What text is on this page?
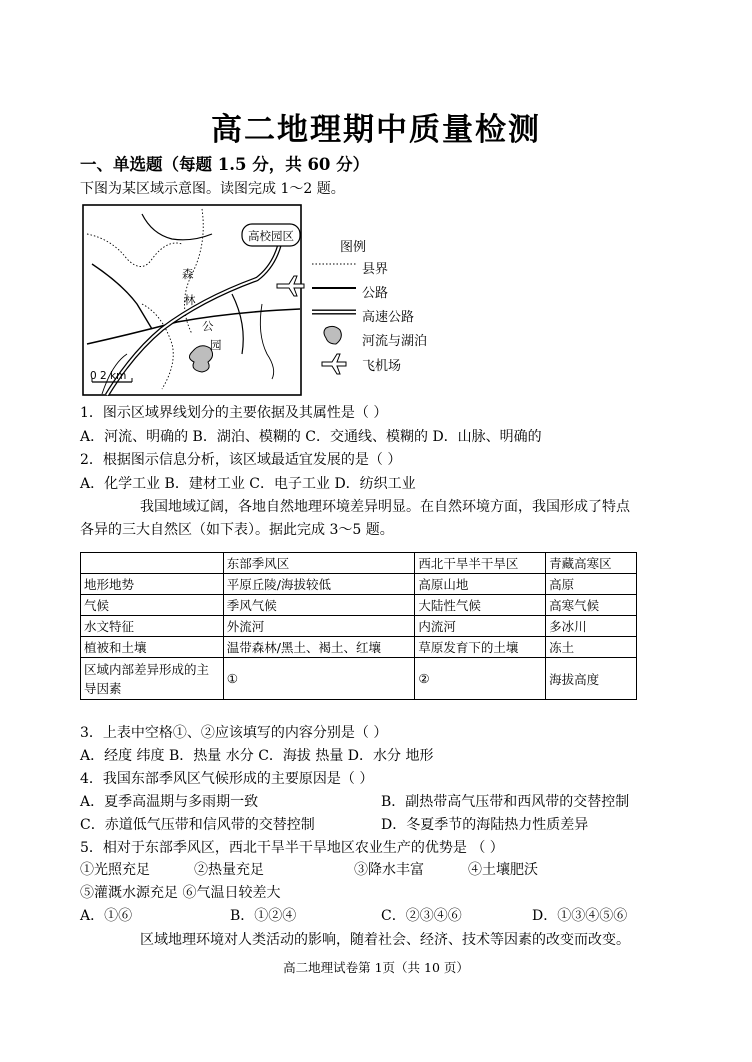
高二地理期中质量检测
一、单选题（每题 1.5 分，共 60 分）
下图为某区域示意图。读图完成 1～2 题。
高校园区
森
林
公
园
0 2 km
图例
县界
公路
高速公路
河流与湖泊
飞机场
1．图示区域界线划分的主要依据及其属性是（ ）
A．河流、明确的 B．湖泊、模糊的 C．交通线、模糊的 D．山脉、明确的
2．根据图示信息分析，该区域最适宜发展的是（ ）
A．化学工业 B．建材工业 C．电子工业 D．纺织工业
我国地域辽阔，各地自然地理环境差异明显。在自然环境方面，我国形成了特点
各异的三大自然区（如下表）。据此完成 3～5 题。
	东部季风区	西北干旱半干旱区	青藏高寒区
地形地势	平原丘陵/海拔较低	高原山地	高原
气候	季风气候	大陆性气候	高寒气候
水文特征	外流河	内流河	多冰川
植被和土壤	温带森林/黑土、褐土、红壤	草原发育下的土壤	冻土
区域内部差异形成的主
导因素	①	②	海拔高度
3．上表中空格①、②应该填写的内容分别是（ ）
A．经度 纬度 B．热量 水分 C．海拔 热量 D．水分 地形
4．我国东部季风区气候形成的主要原因是（ ）
A．夏季高温期与多雨期一致	B．副热带高气压带和西风带的交替控制
C．赤道低气压带和信风带的交替控制	D．冬夏季节的海陆热力性质差异
5．相对于东部季风区，西北干旱半干旱地区农业生产的优势是 （ ）
①光照充足	②热量充足	③降水丰富	④土壤肥沃
⑤灌溉水源充足 ⑥气温日较差大
A．①⑥	B．①②④	C．②③④⑥	D．①③④⑤⑥
区域地理环境对人类活动的影响，随着社会、经济、技术等因素的改变而改变。
高二地理试卷第 1页（共 10 页）
